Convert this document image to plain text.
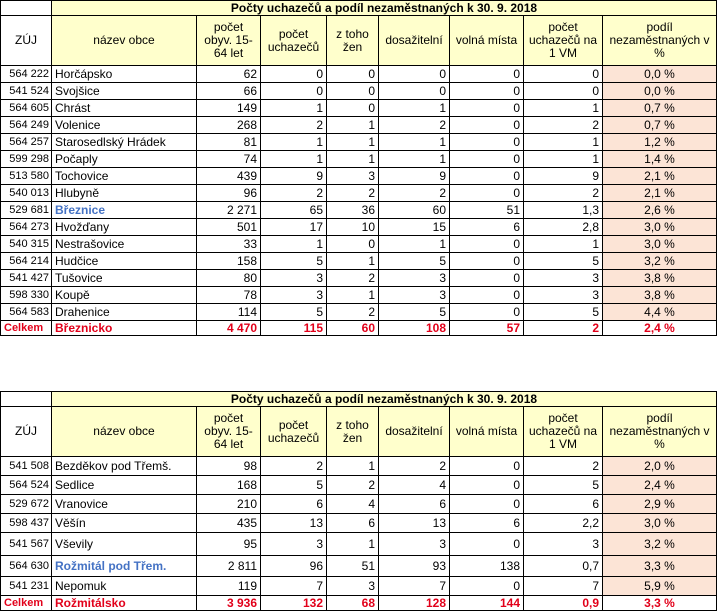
	Počty uchazečů a podíl nezaměstnaných k 30. 9. 2018							
ZÚJ	název obce	počet obyv. 15-64 let	počet uchazečů	z toho žen	dosažitelní	volná místa	počet uchazečů na 1 VM	podíl nezaměstnaných v %
564 222	Horčápsko	62	0	0	0	0	0	0,0 %
541 524	Svojšice	66	0	0	0	0	0	0,0 %
564 605	Chrást	149	1	0	1	0	1	0,7 %
564 249	Volenice	268	2	1	2	0	2	0,7 %
564 257	Starosedlský Hrádek	81	1	1	1	0	1	1,2 %
599 298	Počaply	74	1	1	1	0	1	1,4 %
513 580	Tochovice	439	9	3	9	0	9	2,1 %
540 013	Hlubyně	96	2	2	2	0	2	2,1 %
529 681	Březnice	2 271	65	36	60	51	1,3	2,6 %
564 273	Hvožďany	501	17	10	15	6	2,8	3,0 %
540 315	Nestrašovice	33	1	0	1	0	1	3,0 %
564 214	Hudčice	158	5	1	5	0	5	3,2 %
541 427	Tušovice	80	3	2	3	0	3	3,8 %
598 330	Koupě	78	3	1	3	0	3	3,8 %
564 583	Drahenice	114	5	2	5	0	5	4,4 %
Celkem	Březnicko	4 470	115	60	108	57	2	2,4 %
	Počty uchazečů a podíl nezaměstnaných k 30. 9. 2018							
ZÚJ	název obce	počet obyv. 15-64 let	počet uchazečů	z toho žen	dosažitelní	volná místa	počet uchazečů na 1 VM	podíl nezaměstnaných v %
541 508	Bezděkov pod Třemš.	98	2	1	2	0	2	2,0 %
564 524	Sedlice	168	5	2	4	0	5	2,4 %
529 672	Vranovice	210	6	4	6	0	6	2,9 %
598 437	Věšín	435	13	6	13	6	2,2	3,0 %
541 567	Vševily	95	3	1	3	0	3	3,2 %
564 630	Rožmitál pod Třem.	2 811	96	51	93	138	0,7	3,3 %
541 231	Nepomuk	119	7	3	7	0	7	5,9 %
Celkem	Rožmitálsko	3 936	132	68	128	144	0,9	3,3 %
